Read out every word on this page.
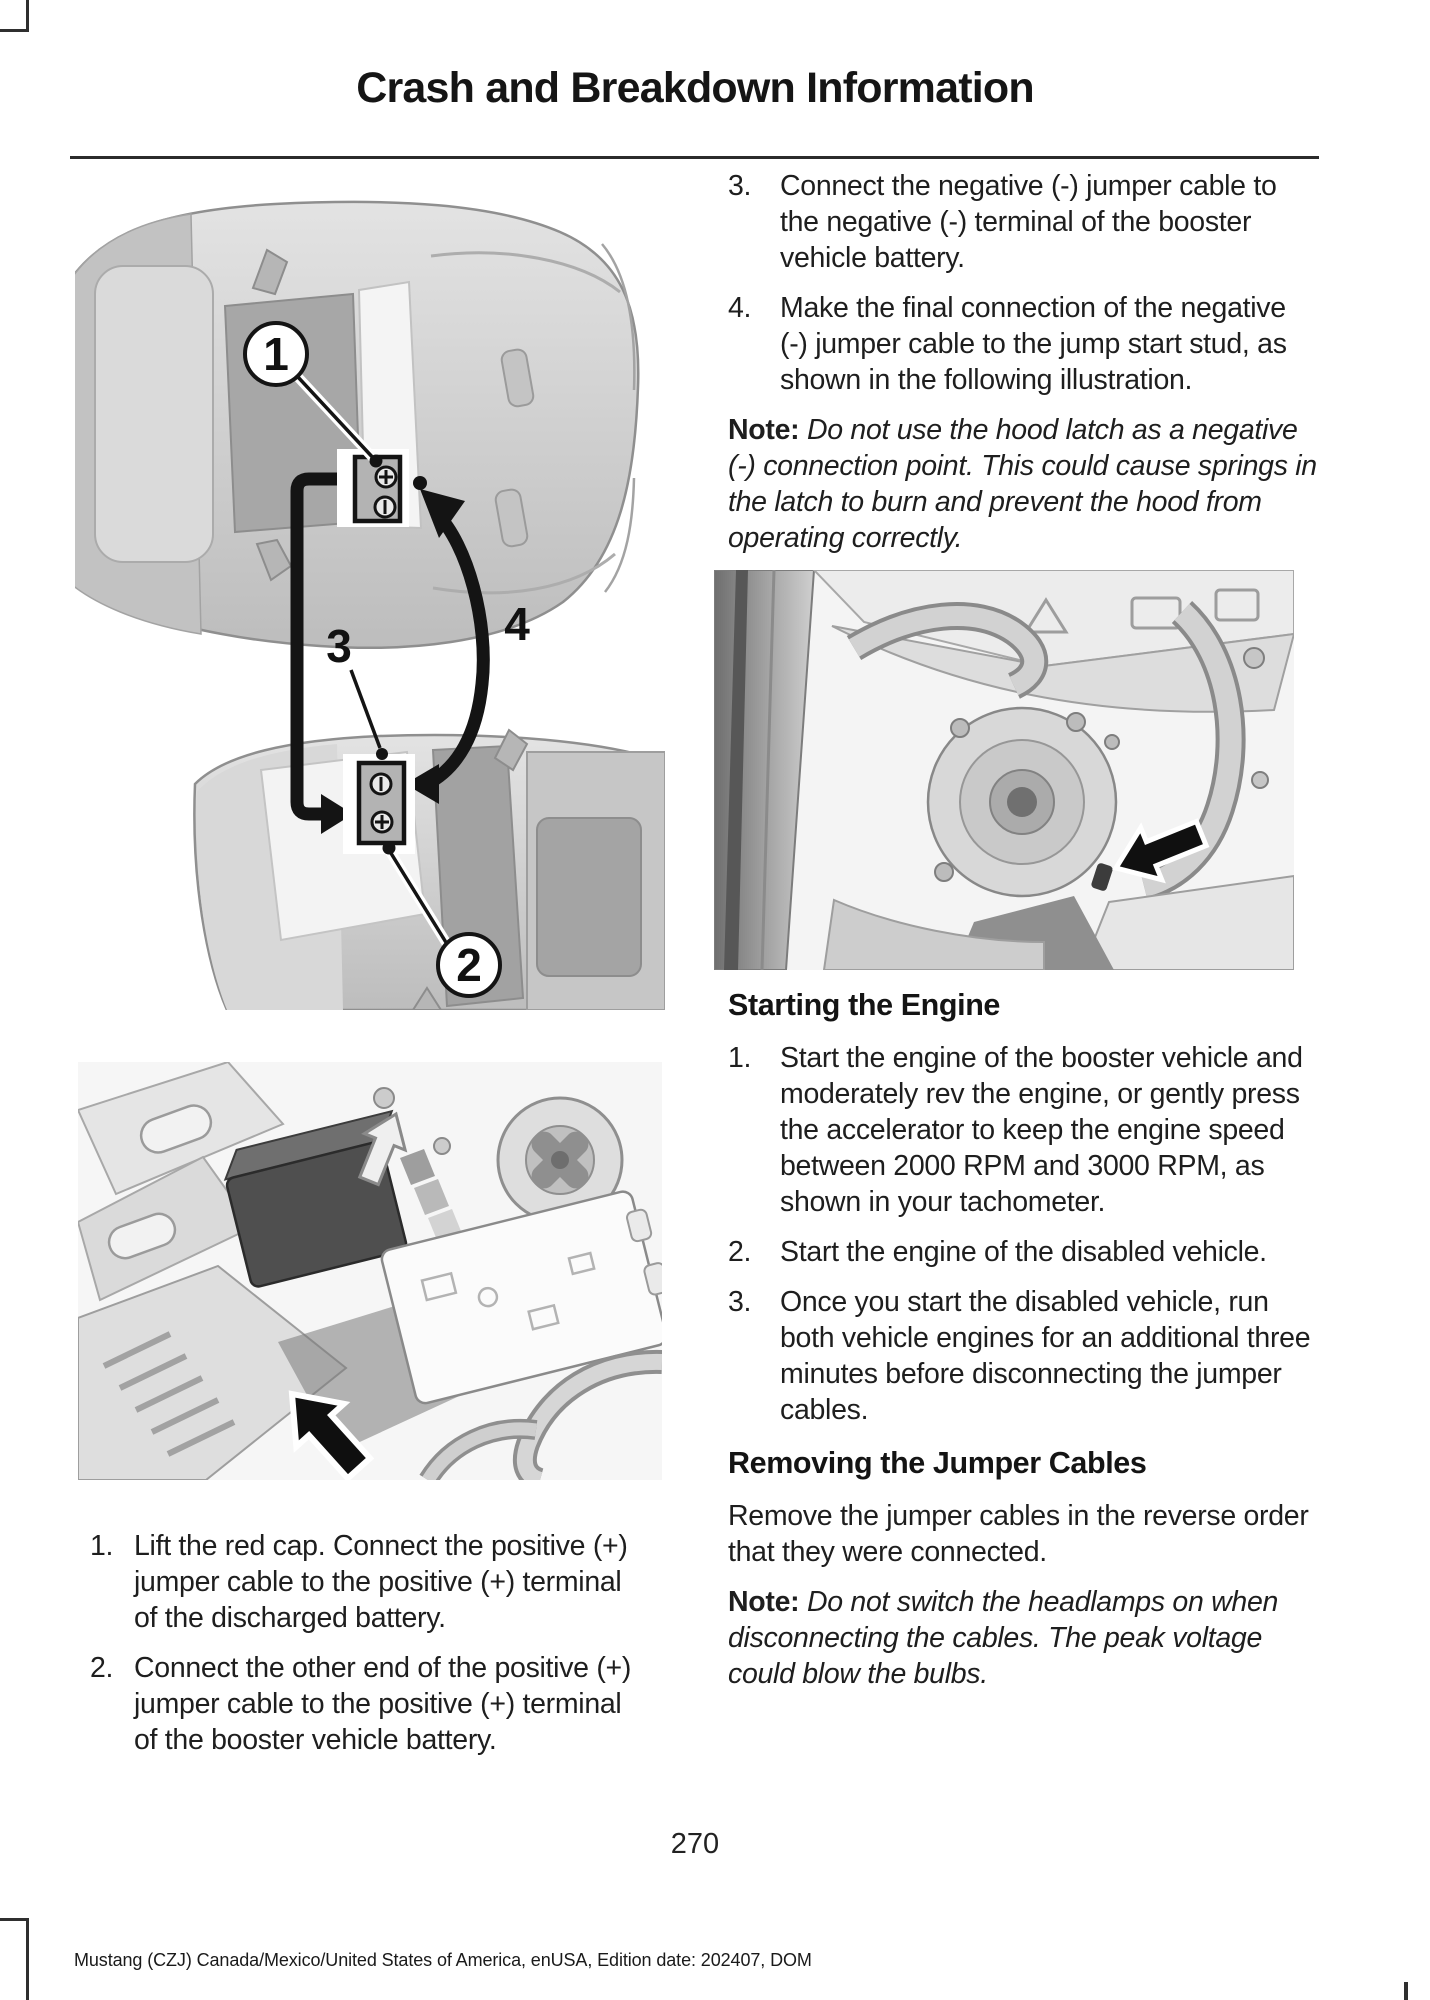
Crash and Breakdown Information
1
2
3	4
1. Lift the red cap. Connect the positive (+) jumper cable to the positive (+) terminal of the discharged battery.
2. Connect the other end of the positive (+) jumper cable to the positive (+) terminal of the booster vehicle battery.
3.	Connect the negative (-) jumper cable to the negative (-) terminal of the booster vehicle battery.
4.	Make the final connection of the negative (-) jumper cable to the jump start stud, as shown in the following illustration.
Note: Do not use the hood latch as a negative (-) connection point. This could cause springs in the latch to burn and prevent the hood from operating correctly.
Starting the Engine
1.	Start the engine of the booster vehicle and moderately rev the engine, or gently press the accelerator to keep the engine speed between 2000 RPM and 3000 RPM, as shown in your tachometer.
2.	Start the engine of the disabled vehicle.
3.	Once you start the disabled vehicle, run both vehicle engines for an additional three minutes before disconnecting the jumper cables.
Removing the Jumper Cables

Remove the jumper cables in the reverse order that they were connected.

Note: Do not switch the headlamps on when disconnecting the cables. The peak voltage could blow the bulbs.
270
Mustang (CZJ) Canada/Mexico/United States of America, enUSA, Edition date: 202407, DOM
